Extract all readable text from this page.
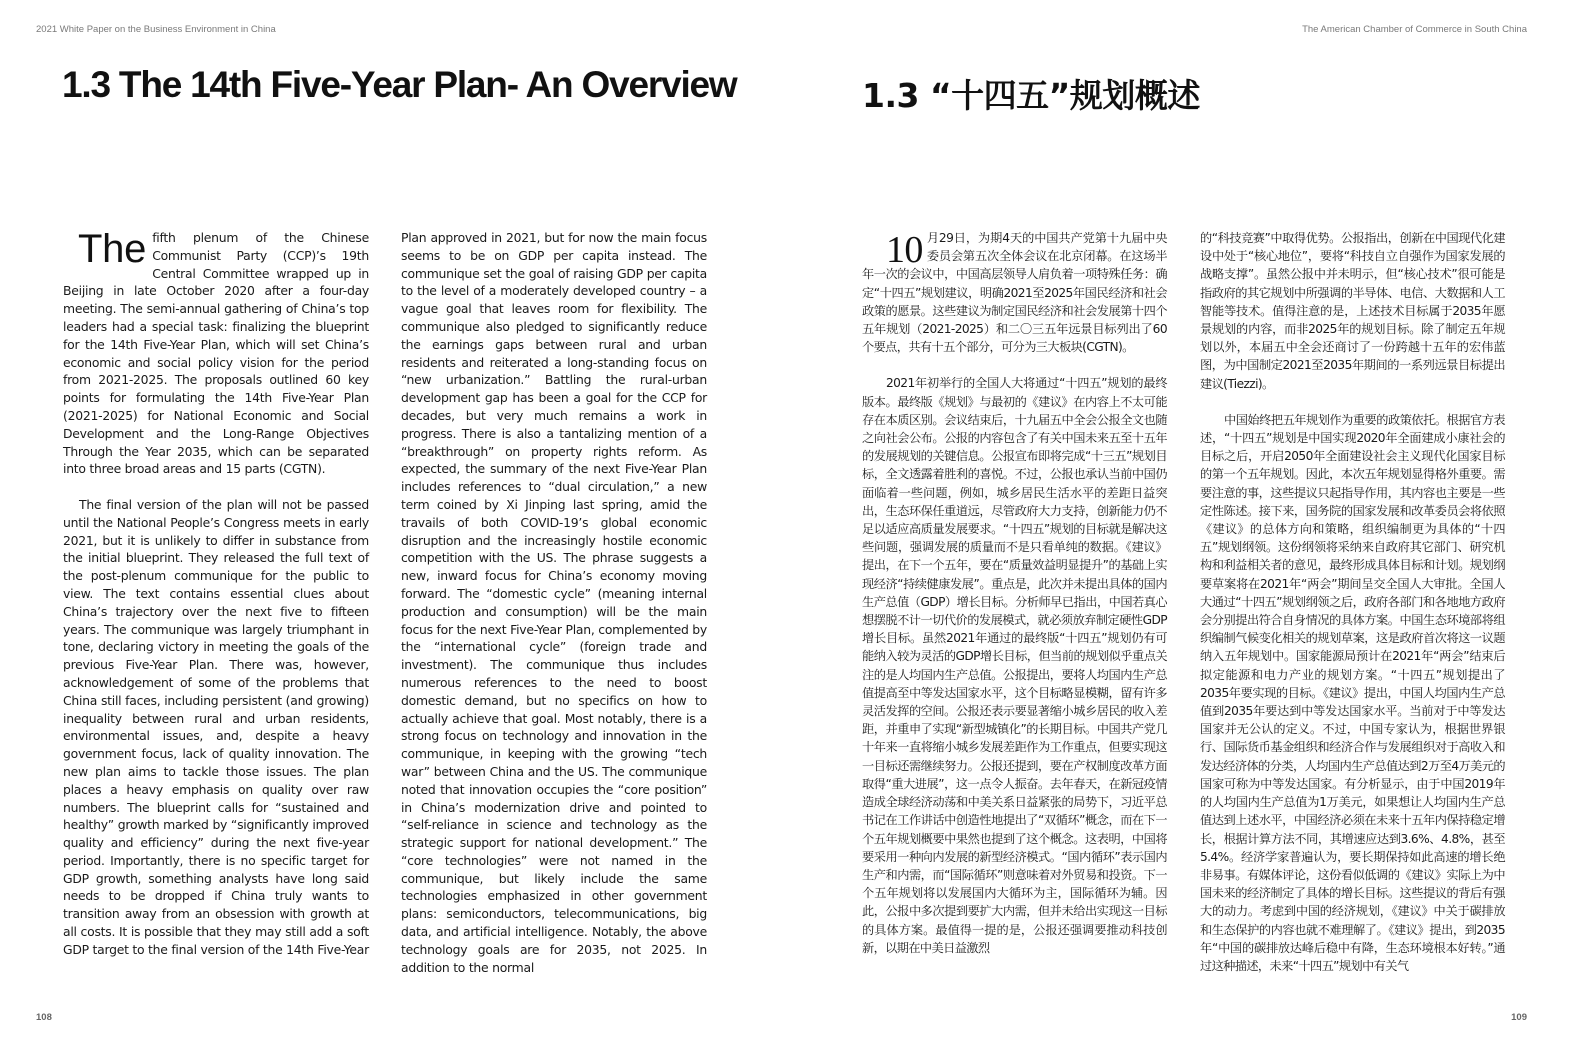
2021 White Paper on the Business Environment in China	The American Chamber of Commerce in South China
1.3 The 14th Five-Year Plan- An Overview	1.3 “十四五”规划概述

The fifth plenum of the Chinese Communist Party (CCP)’s 19th Central Committee wrapped up in Beijing in late October 2020 after a four-day meeting. The semi-annual gathering of China’s top leaders had a special task: finalizing the blueprint for the 14th Five-Year Plan, which will set China’s economic and social policy vision for the period from 2021-2025. The proposals outlined 60 key points for formulating the 14th Five-Year Plan (2021-2025) for National Economic and Social Development and the Long-Range Objectives Through the Year 2035, which can be separated into three broad areas and 15 parts (CGTN).

The final version of the plan will not be passed until the National People’s Congress meets in early 2021, but it is unlikely to differ in substance from the initial blueprint. They released the full text of the post-plenum communique for the public to view. The text contains essential clues about China’s trajectory over the next five to fifteen years. The communique was largely triumphant in tone, declaring victory in meeting the goals of the previous Five-Year Plan. There was, however, acknowledgement of some of the problems that China still faces, including persistent (and growing) inequality between rural and urban residents, environmental issues, and, despite a heavy government focus, lack of quality innovation. The new plan aims to tackle those issues. The plan places a heavy emphasis on quality over raw numbers. The blueprint calls for “sustained and healthy” growth marked by “significantly improved quality and efficiency” during the next five-year period. Importantly, there is no specific target for GDP growth, something analysts have long said needs to be dropped if China truly wants to transition away from an obsession with growth at all costs. It is possible that they may still add a soft GDP target to the final version of the 14th Five-Year

Plan approved in 2021, but for now the main focus seems to be on GDP per capita instead. The communique set the goal of raising GDP per capita to the level of a moderately developed country – a vague goal that leaves room for flexibility. The communique also pledged to significantly reduce the earnings gaps between rural and urban residents and reiterated a long-standing focus on “new urbanization.” Battling the rural-urban development gap has been a goal for the CCP for decades, but very much remains a work in progress. There is also a tantalizing mention of a “breakthrough” on property rights reform. As expected, the summary of the next Five-Year Plan includes references to “dual circulation,” a new term coined by Xi Jinping last spring, amid the travails of both COVID-19’s global economic disruption and the increasingly hostile economic competition with the US. The phrase suggests a new, inward focus for China’s economy moving forward. The “domestic cycle” (meaning internal production and consumption) will be the main focus for the next Five-Year Plan, complemented by the “international cycle” (foreign trade and investment). The communique thus includes numerous references to the need to boost domestic demand, but no specifics on how to actually achieve that goal. Most notably, there is a strong focus on technology and innovation in the communique, in keeping with the growing “tech war” between China and the US. The communique noted that innovation occupies the “core position” in China’s modernization drive and pointed to “self-reliance in science and technology as the strategic support for national development.” The “core technologies” were not named in the communique, but likely include the same technologies emphasized in other government plans: semiconductors, telecommunications, big data, and artificial intelligence. Notably, the above technology goals are for 2035, not 2025. In addition to the normal

10 月29日，为期4天的中国共产党第十九届中央委员会第五次全体会议在北京闭幕。在这场半年一次的会议中，中国高层领导人肩负着一项特殊任务：确定“十四五”规划建议，明确2021至2025年国民经济和社会政策的愿景。这些建议为制定国民经济和社会发展第十四个五年规划（2021-2025）和二〇三五年远景目标列出了60个要点，共有十五个部分，可分为三大板块(CGTN)。

2021年初举行的全国人大将通过“十四五”规划的最终版本。最终版《规划》与最初的《建议》在内容上不太可能存在本质区别。会议结束后，十九届五中全会公报全文也随之向社会公布。公报的内容包含了有关中国未来五至十五年的发展规划的关键信息。公报宣布即将完成“十三五”规划目标，全文透露着胜利的喜悦。不过，公报也承认当前中国仍面临着一些问题，例如，城乡居民生活水平的差距日益突出，生态环保任重道远，尽管政府大力支持，创新能力仍不足以适应高质量发展要求。“十四五”规划的目标就是解决这些问题，强调发展的质量而不是只看单纯的数据。《建议》提出，在下一个五年，要在“质量效益明显提升”的基础上实现经济“持续健康发展”。重点是，此次并未提出具体的国内生产总值（GDP）增长目标。分析师早已指出，中国若真心想摆脱不计一切代价的发展模式，就必须放弃制定硬性GDP增长目标。虽然2021年通过的最终版“十四五”规划仍有可能纳入较为灵活的GDP增长目标，但当前的规划似乎重点关注的是人均国内生产总值。公报提出，要将人均国内生产总值提高至中等发达国家水平，这个目标略显模糊，留有许多灵活发挥的空间。公报还表示要显著缩小城乡居民的收入差距，并重申了实现“新型城镇化”的长期目标。中国共产党几十年来一直将缩小城乡发展差距作为工作重点，但要实现这一目标还需继续努力。公报还提到，要在产权制度改革方面取得“重大进展”，这一点令人振奋。去年春天，在新冠疫情造成全球经济动荡和中美关系日益紧张的局势下，习近平总书记在工作讲话中创造性地提出了“双循环”概念，而在下一个五年规划概要中果然也提到了这个概念。这表明，中国将要采用一种向内发展的新型经济模式。“国内循环”表示国内生产和内需，而“国际循环”则意味着对外贸易和投资。下一个五年规划将以发展国内大循环为主，国际循环为辅。因此，公报中多次提到要扩大内需，但并未给出实现这一目标的具体方案。最值得一提的是，公报还强调要推动科技创新，以期在中美日益激烈

的“科技竞赛”中取得优势。公报指出，创新在中国现代化建设中处于“核心地位”，要将“科技自立自强作为国家发展的战略支撑”。虽然公报中并未明示，但“核心技术”很可能是指政府的其它规划中所强调的半导体、电信、大数据和人工智能等技术。值得注意的是，上述技术目标属于2035年愿景规划的内容，而非2025年的规划目标。除了制定五年规划以外，本届五中全会还商讨了一份跨越十五年的宏伟蓝图，为中国制定2021至2035年期间的一系列远景目标提出建议(Tiezzi)。

中国始终把五年规划作为重要的政策依托。根据官方表述，“十四五”规划是中国实现2020年全面建成小康社会的目标之后，开启2050年全面建设社会主义现代化国家目标的第一个五年规划。因此，本次五年规划显得格外重要。需要注意的事，这些提议只起指导作用，其内容也主要是一些定性陈述。接下来，国务院的国家发展和改革委员会将依照《建议》的总体方向和策略，组织编制更为具体的“十四五”规划纲领。这份纲领将采纳来自政府其它部门、研究机构和利益相关者的意见，最终形成具体目标和计划。规划纲要草案将在2021年“两会”期间呈交全国人大审批。全国人大通过“十四五”规划纲领之后，政府各部门和各地地方政府会分别提出符合自身情况的具体方案。中国生态环境部将组织编制气候变化相关的规划草案，这是政府首次将这一议题纳入五年规划中。国家能源局预计在2021年“两会”结束后拟定能源和电力产业的规划方案。“十四五”规划提出了2035年要实现的目标。《建议》提出，中国人均国内生产总值到2035年要达到中等发达国家水平。当前对于中等发达国家并无公认的定义。不过，中国专家认为，根据世界银行、国际货币基金组织和经济合作与发展组织对于高收入和发达经济体的分类，人均国内生产总值达到2万至4万美元的国家可称为中等发达国家。有分析显示，由于中国2019年的人均国内生产总值为1万美元，如果想让人均国内生产总值达到上述水平，中国经济必须在未来十五年内保持稳定增长，根据计算方法不同，其增速应达到3.6%、4.8%，甚至5.4%。经济学家普遍认为，要长期保持如此高速的增长绝非易事。有媒体评论，这份看似低调的《建议》实际上为中国未来的经济制定了具体的增长目标。这些提议的背后有强大的动力。考虑到中国的经济规划，《建议》中关于碳排放和生态保护的内容也就不难理解了。《建议》提出，到2035年“中国的碳排放达峰后稳中有降，生态环境根本好转。”通过这种描述，未来“十四五”规划中有关气

108	109
